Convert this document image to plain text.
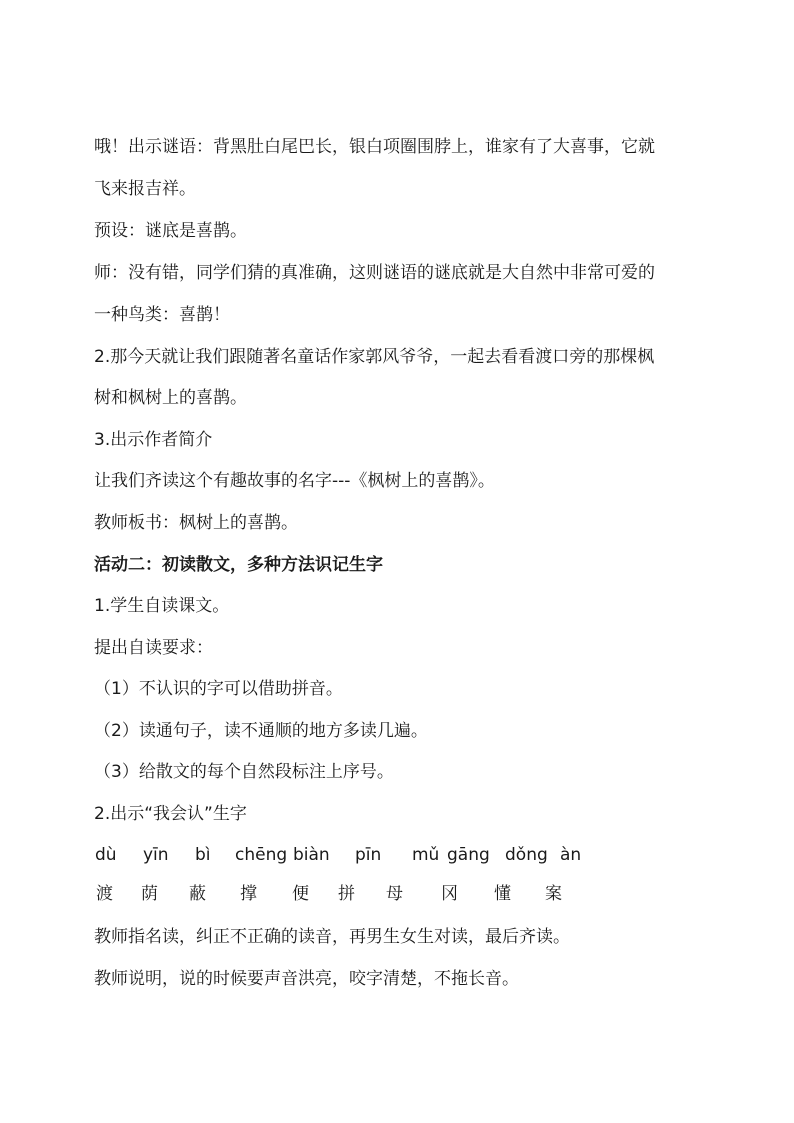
哦！出示谜语：背黑肚白尾巴长，银白项圈围脖上，谁家有了大喜事，它就
飞来报吉祥。
预设：谜底是喜鹊。
师：没有错，同学们猜的真准确，这则谜语的谜底就是大自然中非常可爱的
一种鸟类：喜鹊！
2.那今天就让我们跟随著名童话作家郭风爷爷，一起去看看渡口旁的那棵枫
树和枫树上的喜鹊。
3.出示作者简介
让我们齐读这个有趣故事的名字---《枫树上的喜鹊》。
教师板书：枫树上的喜鹊。
活动二：初读散文，多种方法识记生字
1.学生自读课文。
提出自读要求：
（1）不认识的字可以借助拼音。
（2）读通句子，读不通顺的地方多读几遍。
（3）给散文的每个自然段标注上序号。
2.出示“我会认”生字
dù yīn bì chēng biàn pīn mǔ gāng dǒng àn
渡 荫 蔽 撑 便 拼 母 冈 懂 案
教师指名读，纠正不正确的读音，再男生女生对读，最后齐读。
教师说明，说的时候要声音洪亮，咬字清楚，不拖长音。
